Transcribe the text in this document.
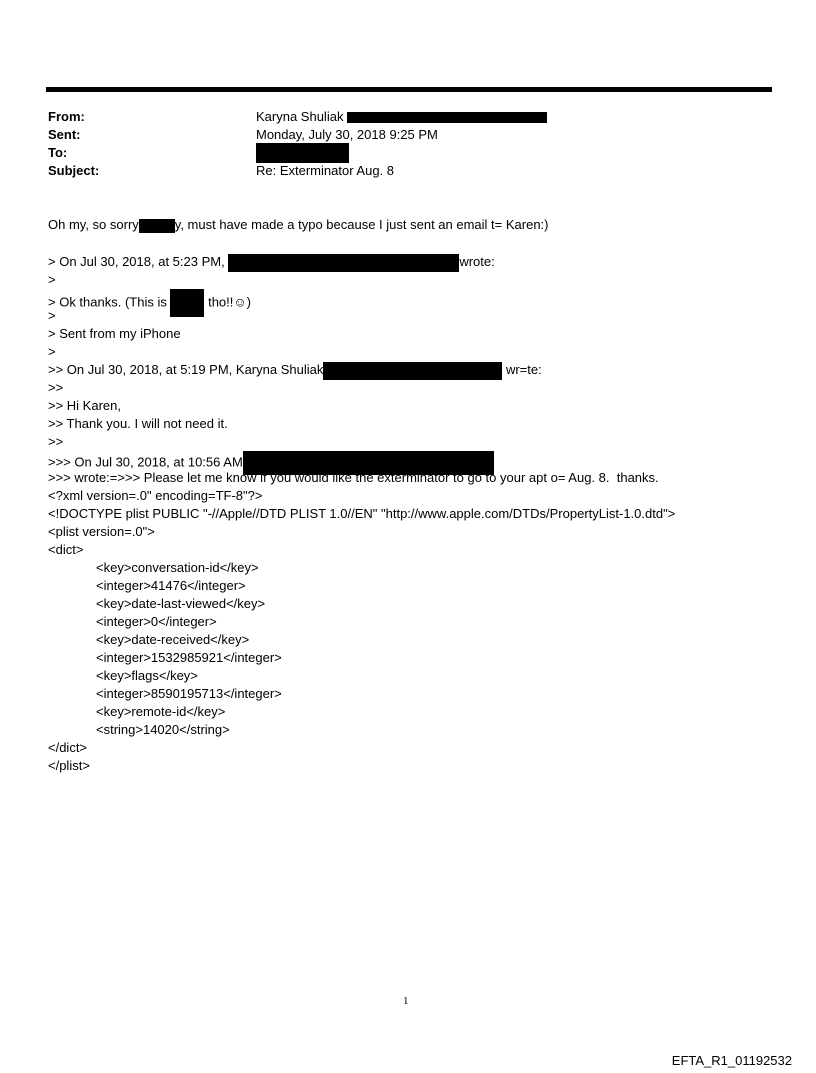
From:	Karyna Shuliak
Sent:	Monday, July 30, 2018 9:25 PM
To:
Subject:	Re: Exterminator Aug. 8
Oh my, so sorry	y, must have made a typo because I just sent an email t= Karen:)
> On Jul 30, 2018, at 5:23 PM,	wrote:
>
> Ok thanks. (This is	tho!!☺)
>
> Sent from my iPhone
>
>> On Jul 30, 2018, at 5:19 PM, Karyna Shuliak	wr=te:
>>
>> Hi Karen,
>> Thank you. I will not need it.
>>
>>> On Jul 30, 2018, at 10:56 AM
>>> wrote:=>>> Please let me know if you would like the exterminator to go to your apt o= Aug. 8.  thanks.
<?xml version=.0" encoding=TF-8"?>
<!DOCTYPE plist PUBLIC "-//Apple//DTD PLIST 1.0//EN" "http://www.apple.com/DTDs/PropertyList-1.0.dtd">
<plist version=.0">
<dict>
<key>conversation-id</key>
<integer>41476</integer>
<key>date-last-viewed</key>
<integer>0</integer>
<key>date-received</key>
<integer>1532985921</integer>
<key>flags</key>
<integer>8590195713</integer>
<key>remote-id</key>
<string>14020</string>
</dict>
</plist>
1
EFTA_R1_01192532
